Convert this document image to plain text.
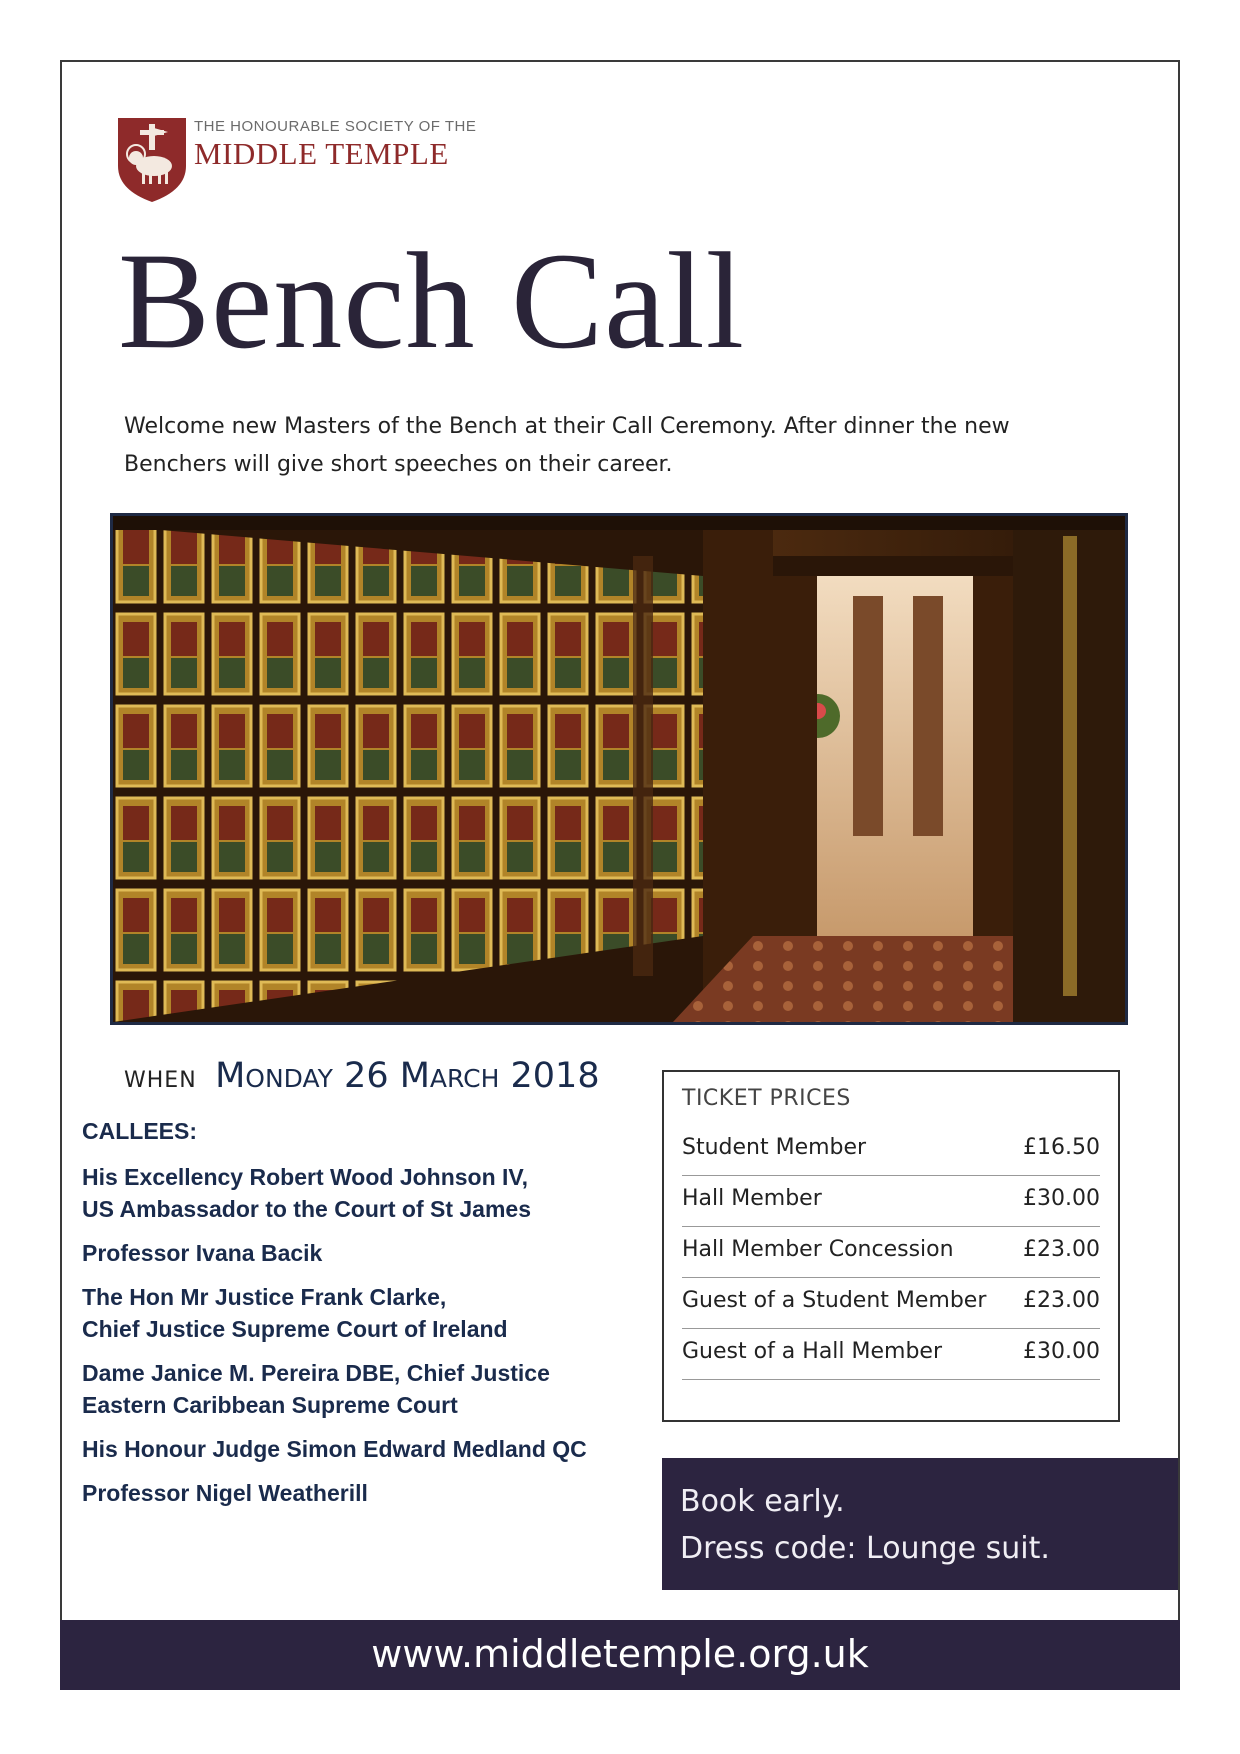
THE HONOURABLE SOCIETY OF THE
MIDDLE TEMPLE
Bench Call
Welcome new Masters of the Bench at their Call Ceremony. After dinner the new
Benchers will give short speeches on their career.
WHEN Monday 26 March 2018
CALLEES:
His Excellency Robert Wood Johnson IV,
US Ambassador to the Court of St James
Professor Ivana Bacik
The Hon Mr Justice Frank Clarke,
Chief Justice Supreme Court of Ireland
Dame Janice M. Pereira DBE, Chief Justice
Eastern Caribbean Supreme Court
His Honour Judge Simon Edward Medland QC
Professor Nigel Weatherill
TICKET PRICES
Student Member	£16.50
Hall Member	£30.00
Hall Member Concession	£23.00
Guest of a Student Member £23.00
Guest of a Hall Member	£30.00
Book early.
Dress code: Lounge suit.
www.middletemple.org.uk
